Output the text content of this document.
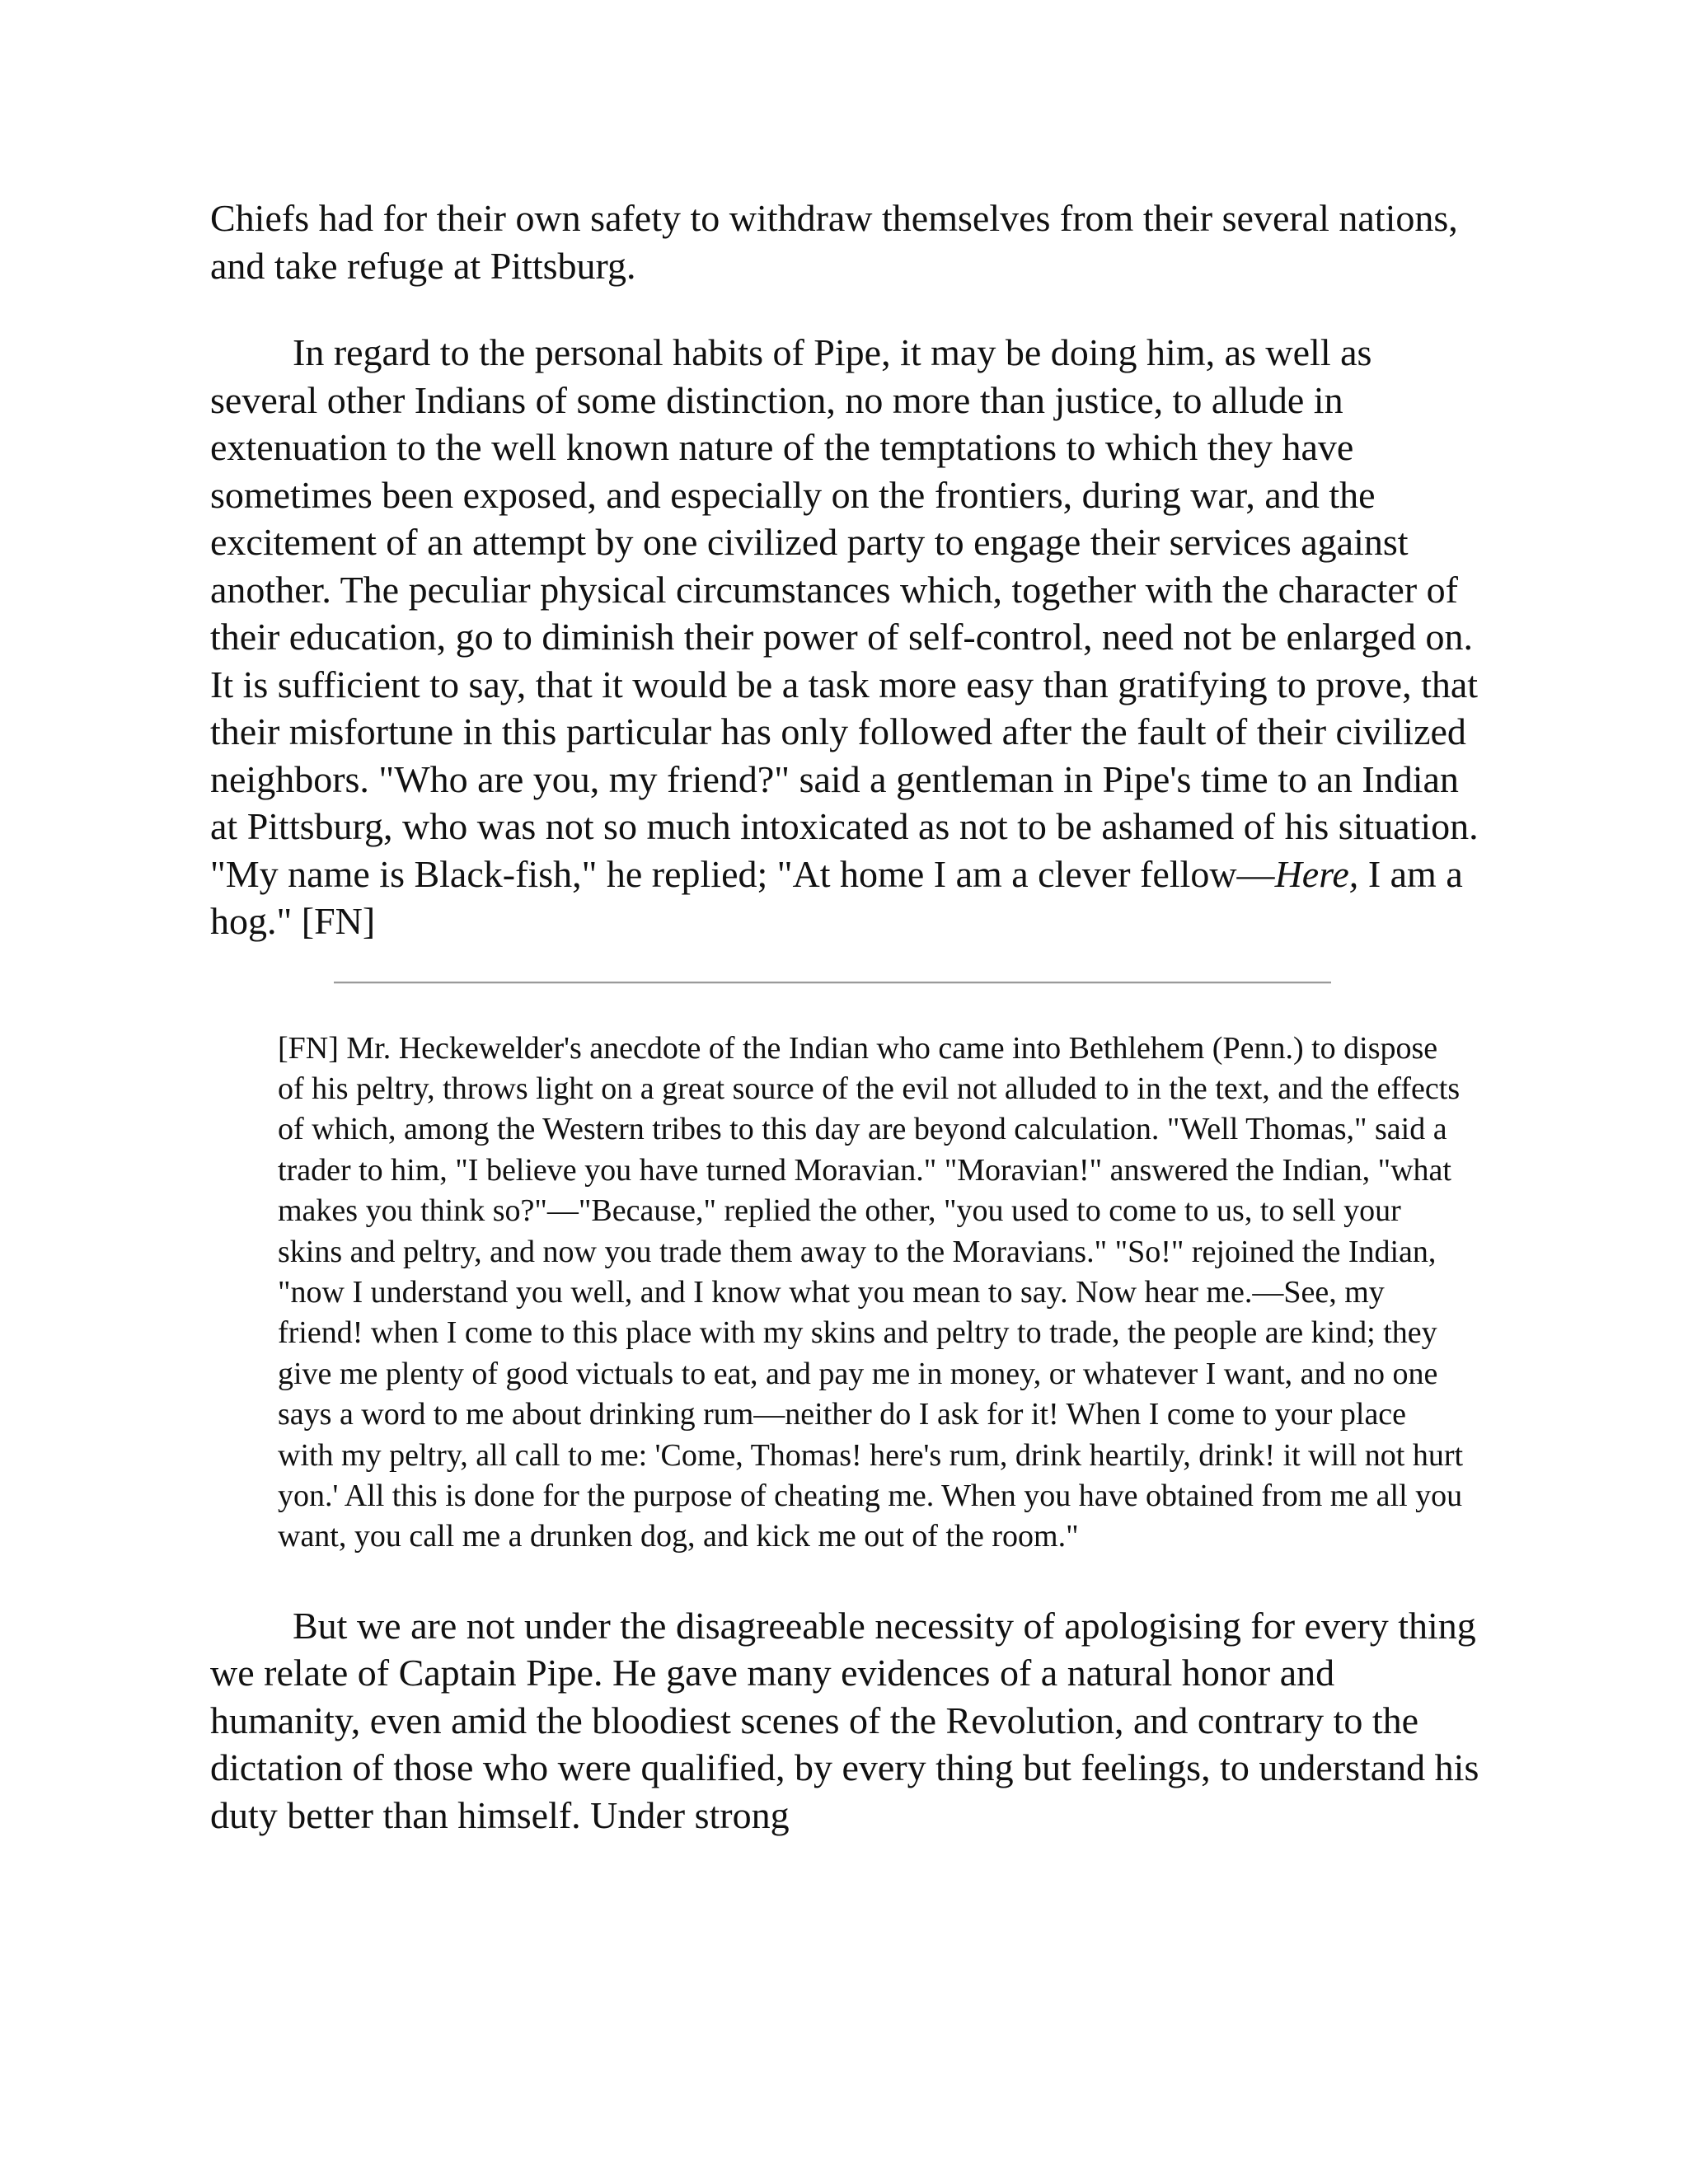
Chiefs had for their own safety to withdraw themselves from their several nations, and take refuge at Pittsburg.

In regard to the personal habits of Pipe, it may be doing him, as well as several other Indians of some distinction, no more than justice, to allude in extenuation to the well known nature of the temptations to which they have sometimes been exposed, and especially on the frontiers, during war, and the excitement of an attempt by one civilized party to engage their services against another. The peculiar physical circumstances which, together with the character of their education, go to diminish their power of self-control, need not be enlarged on. It is sufficient to say, that it would be a task more easy than gratifying to prove, that their misfortune in this particular has only followed after the fault of their civilized neighbors. "Who are you, my friend?" said a gentleman in Pipe's time to an Indian at Pittsburg, who was not so much intoxicated as not to be ashamed of his situation. "My name is Black-fish," he replied; "At home I am a clever fellow—Here, I am a hog." [FN]

[FN] Mr. Heckewelder's anecdote of the Indian who came into Bethlehem (Penn.) to dispose of his peltry, throws light on a great source of the evil not alluded to in the text, and the effects of which, among the Western tribes to this day are beyond calculation. "Well Thomas," said a trader to him, "I believe you have turned Moravian." "Moravian!" answered the Indian, "what makes you think so?"—"Because," replied the other, "you used to come to us, to sell your skins and peltry, and now you trade them away to the Moravians." "So!" rejoined the Indian, "now I understand you well, and I know what you mean to say. Now hear me.—See, my friend! when I come to this place with my skins and peltry to trade, the people are kind; they give me plenty of good victuals to eat, and pay me in money, or whatever I want, and no one says a word to me about drinking rum—neither do I ask for it! When I come to your place with my peltry, all call to me: 'Come, Thomas! here's rum, drink heartily, drink! it will not hurt yon.' All this is done for the purpose of cheating me. When you have obtained from me all you want, you call me a drunken dog, and kick me out of the room."

But we are not under the disagreeable necessity of apologising for every thing we relate of Captain Pipe. He gave many evidences of a natural honor and humanity, even amid the bloodiest scenes of the Revolution, and contrary to the dictation of those who were qualified, by every thing but feelings, to understand his duty better than himself. Under strong
